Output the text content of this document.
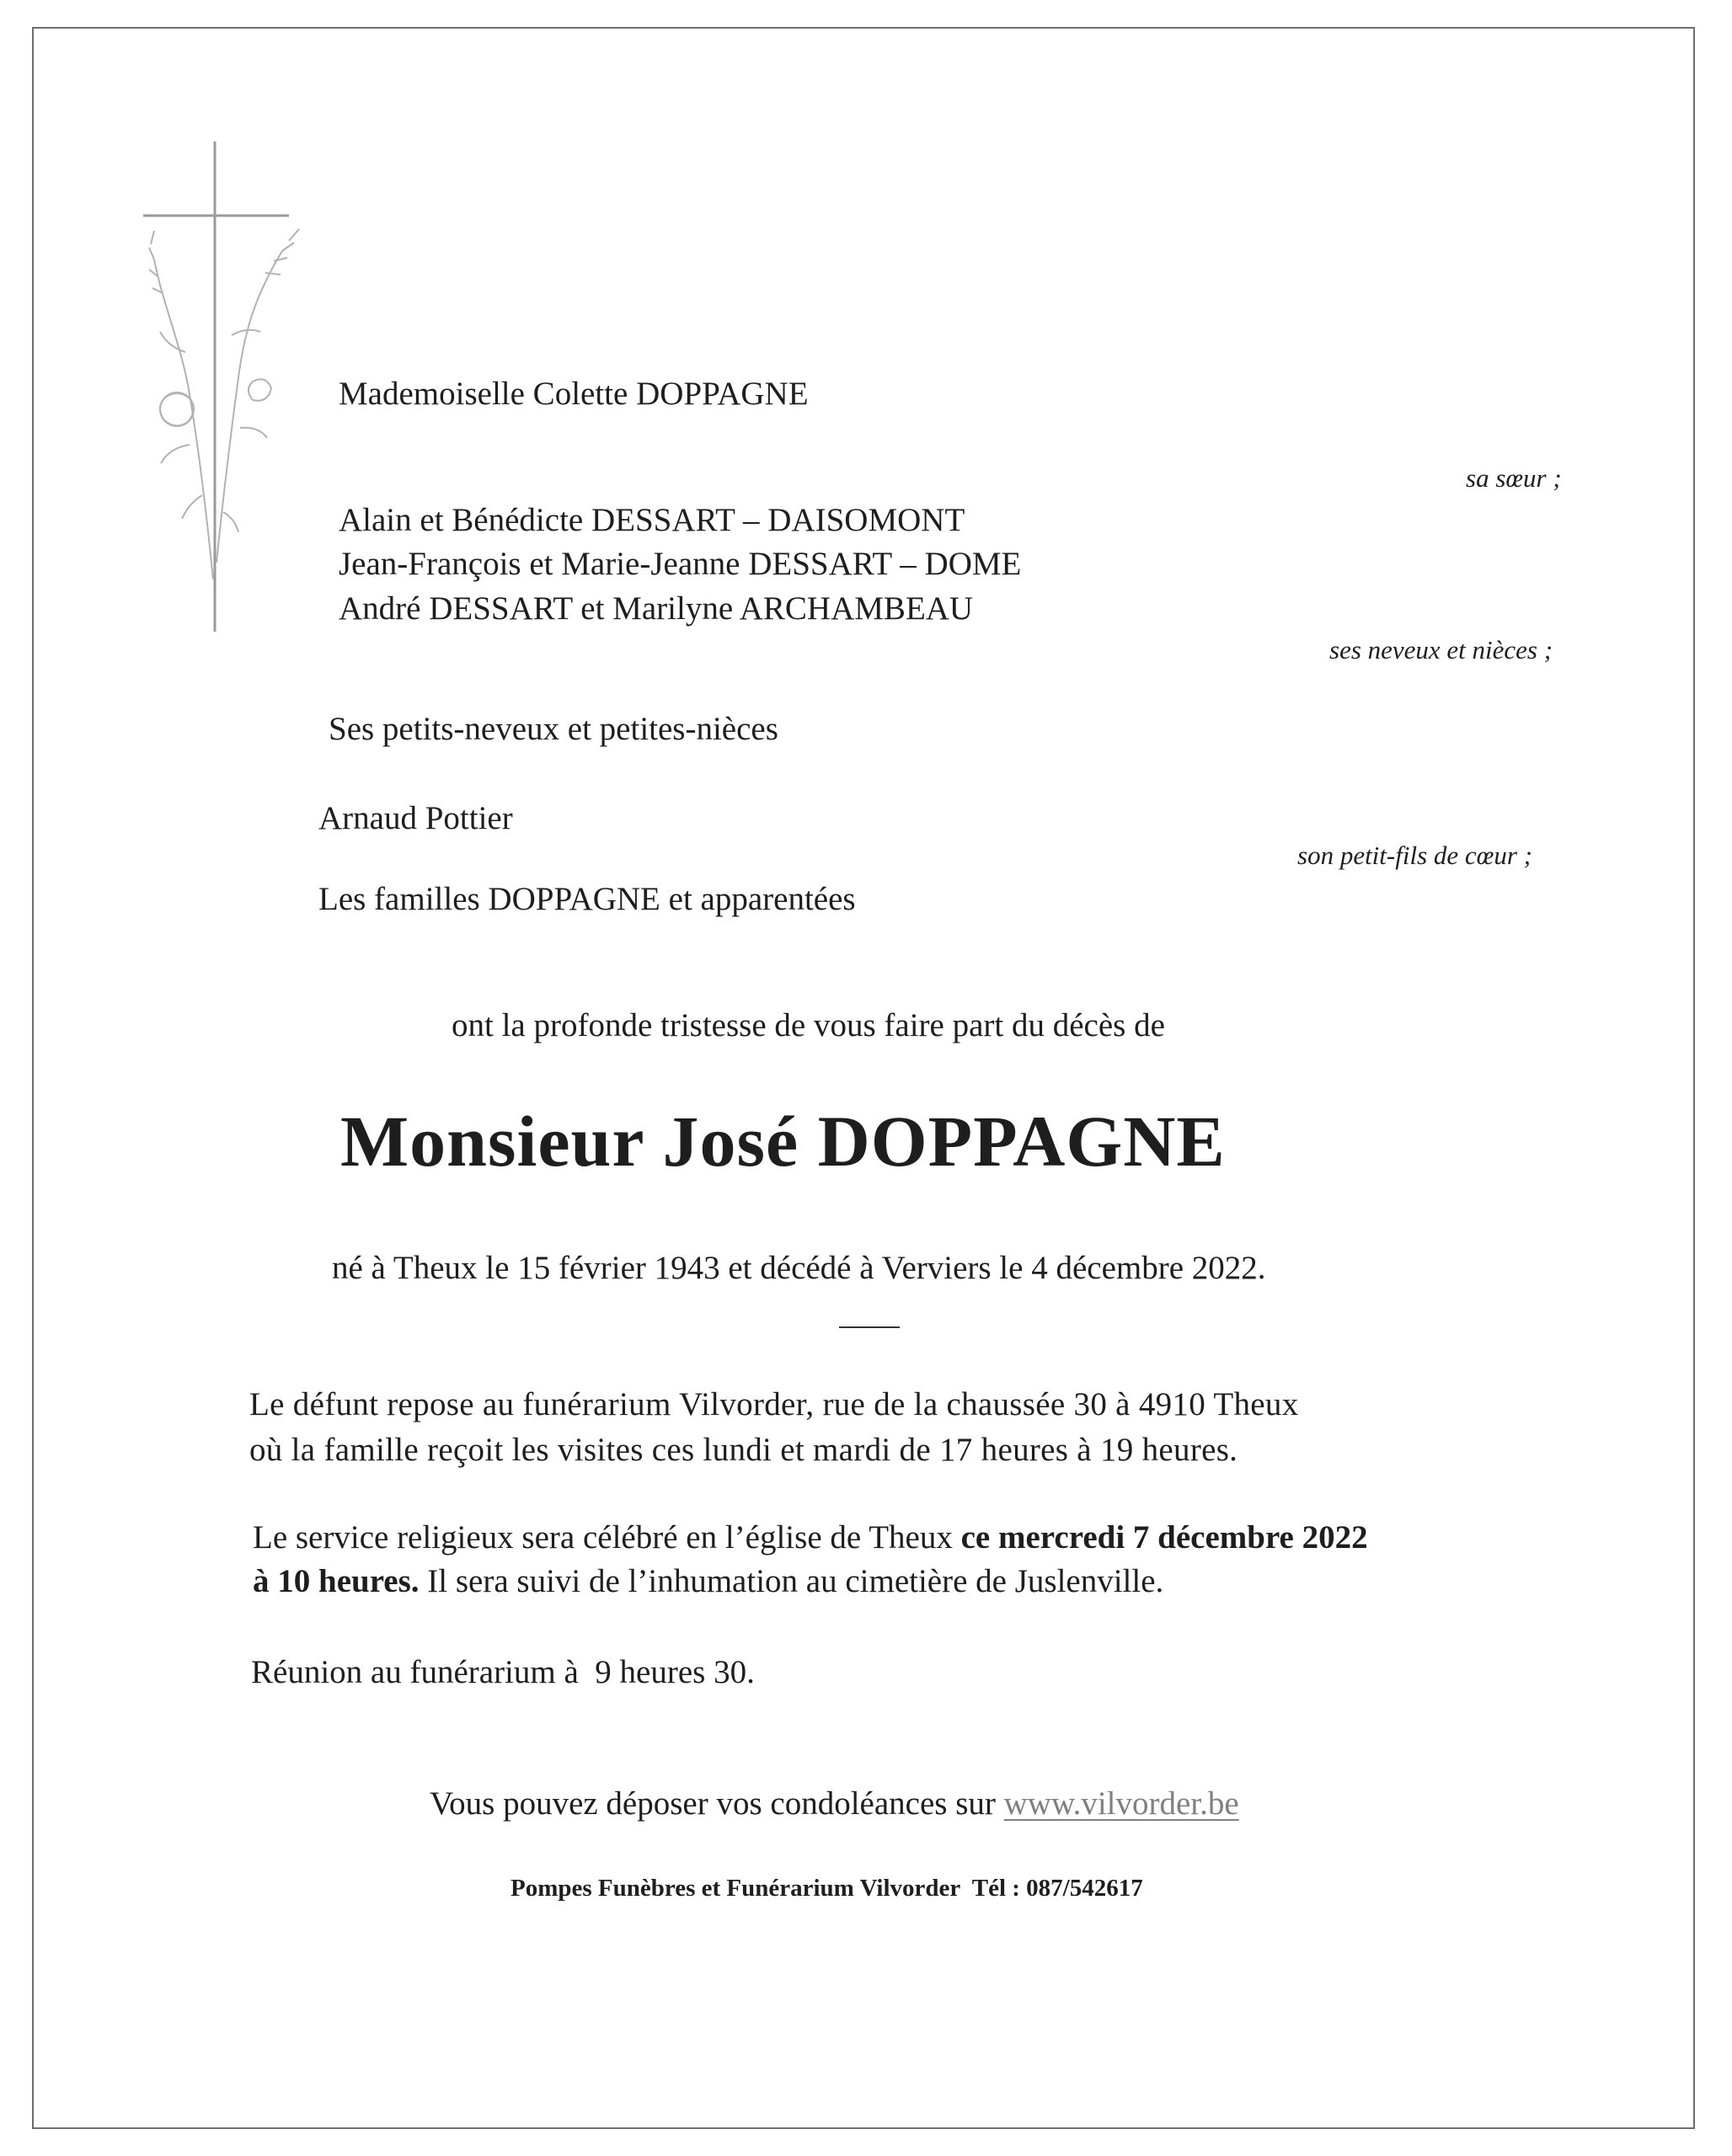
Mademoiselle Colette DOPPAGNE
sa sœur ;
Alain et Bénédicte DESSART – DAISOMONT
Jean-François et Marie-Jeanne DESSART – DOME
André DESSART et Marilyne ARCHAMBEAU
ses neveux et nièces ;
Ses petits-neveux et petites-nièces
Arnaud Pottier
son petit-fils de cœur ;
Les familles DOPPAGNE et apparentées
ont la profonde tristesse de vous faire part du décès de
Monsieur José DOPPAGNE
né à Theux le 15 février 1943 et décédé à Verviers le 4 décembre 2022.
Le défunt repose au funérarium Vilvorder, rue de la chaussée 30 à 4910 Theux
où la famille reçoit les visites ces lundi et mardi de 17 heures à 19 heures.
Le service religieux sera célébré en l’église de Theux ce mercredi 7 décembre 2022
à 10 heures. Il sera suivi de l’inhumation au cimetière de Juslenville.
Réunion au funérarium à  9 heures 30.
Vous pouvez déposer vos condoléances sur www.vilvorder.be
Pompes Funèbres et Funérarium Vilvorder  Tél : 087/542617
